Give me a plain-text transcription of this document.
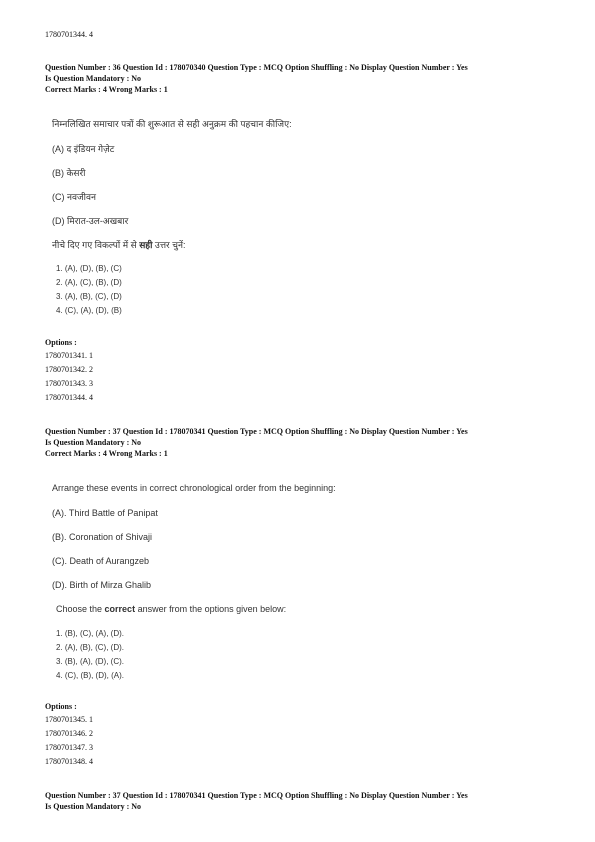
1780701344. 4
Question Number : 36 Question Id : 178070340 Question Type : MCQ Option Shuffling : No Display Question Number : Yes
Is Question Mandatory : No
Correct Marks : 4 Wrong Marks : 1
निम्नलिखित समाचार पत्रों की शुरूआत से सही अनुक्रम की पहचान कीजिए:
(A) द इंडियन गेज़ेट
(B) केसरी
(C) नवजीवन
(D) मिरात-उल-अखबार
नीचे दिए गए विकल्पों में से सही उत्तर चुनें:
1. (A), (D), (B), (C)
2. (A), (C), (B), (D)
3. (A), (B), (C), (D)
4. (C), (A), (D), (B)
Options :
1780701341. 1
1780701342. 2
1780701343. 3
1780701344. 4
Question Number : 37 Question Id : 178070341 Question Type : MCQ Option Shuffling : No Display Question Number : Yes
Is Question Mandatory : No
Correct Marks : 4 Wrong Marks : 1
Arrange these events in correct chronological order from the beginning:
(A). Third Battle of Panipat
(B). Coronation of Shivaji
(C). Death of Aurangzeb
(D). Birth of Mirza Ghalib
Choose the correct answer from the options given below:
1. (B), (C), (A), (D).
2. (A), (B), (C), (D).
3. (B), (A), (D), (C).
4. (C), (B), (D), (A).
Options :
1780701345. 1
1780701346. 2
1780701347. 3
1780701348. 4
Question Number : 37 Question Id : 178070341 Question Type : MCQ Option Shuffling : No Display Question Number : Yes
Is Question Mandatory : No
